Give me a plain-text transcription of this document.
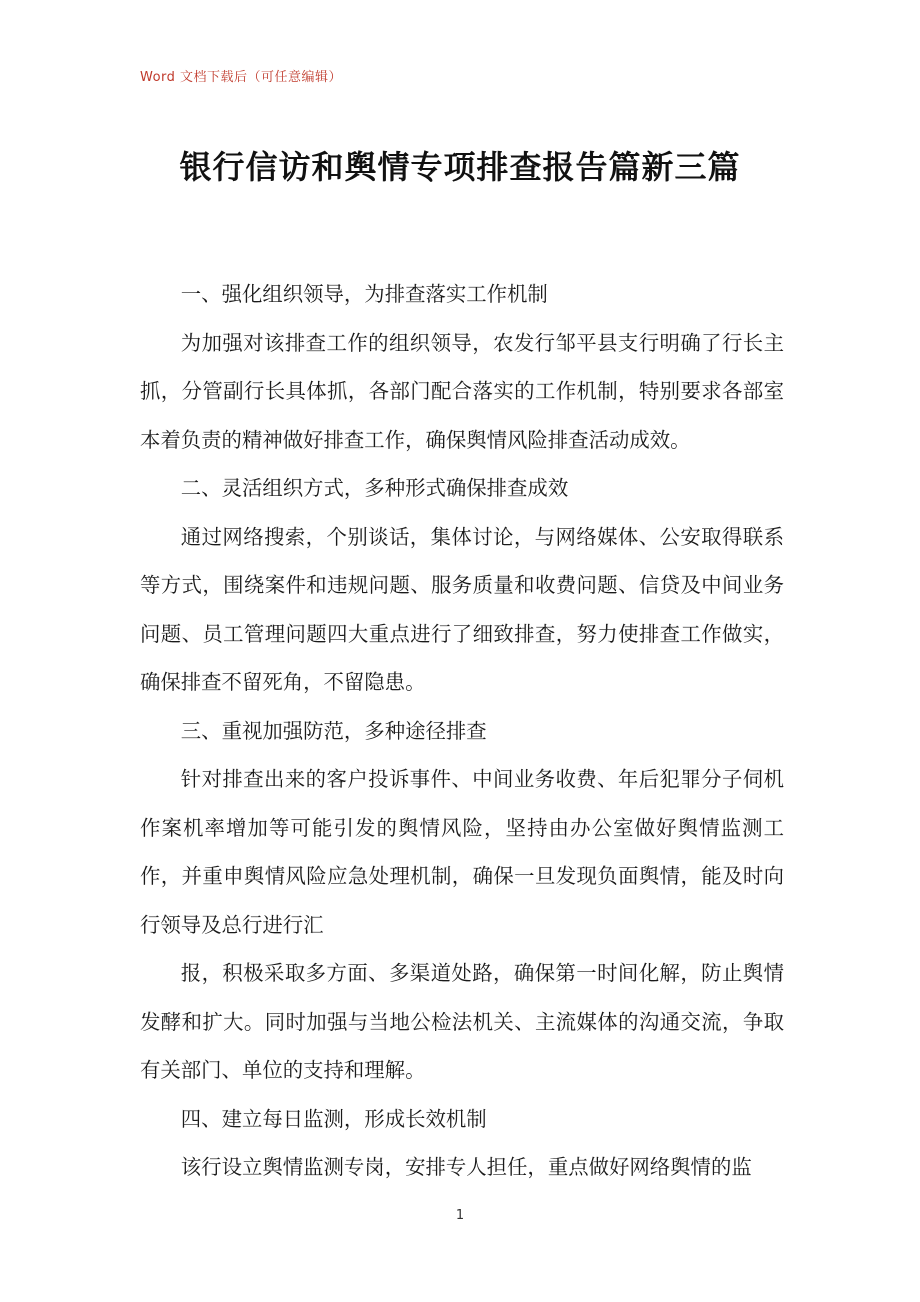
Word 文档下载后（可任意编辑）
银行信访和舆情专项排查报告篇新三篇

一、强化组织领导，为排查落实工作机制

为加强对该排查工作的组织领导，农发行邹平县支行明确了行长主抓，分管副行长具体抓，各部门配合落实的工作机制，特别要求各部室本着负责的精神做好排查工作，确保舆情风险排查活动成效。

二、灵活组织方式，多种形式确保排查成效

通过网络搜索，个别谈话，集体讨论，与网络媒体、公安取得联系等方式，围绕案件和违规问题、服务质量和收费问题、信贷及中间业务问题、员工管理问题四大重点进行了细致排查，努力使排查工作做实，确保排查不留死角，不留隐患。

三、重视加强防范，多种途径排查

针对排查出来的客户投诉事件、中间业务收费、年后犯罪分子伺机作案机率增加等可能引发的舆情风险，坚持由办公室做好舆情监测工作，并重申舆情风险应急处理机制，确保一旦发现负面舆情，能及时向行领导及总行进行汇

报，积极采取多方面、多渠道处路，确保第一时间化解，防止舆情发酵和扩大。同时加强与当地公检法机关、主流媒体的沟通交流，争取有关部门、单位的支持和理解。

四、建立每日监测，形成长效机制

该行设立舆情监测专岗，安排专人担任，重点做好网络舆情的监

1
